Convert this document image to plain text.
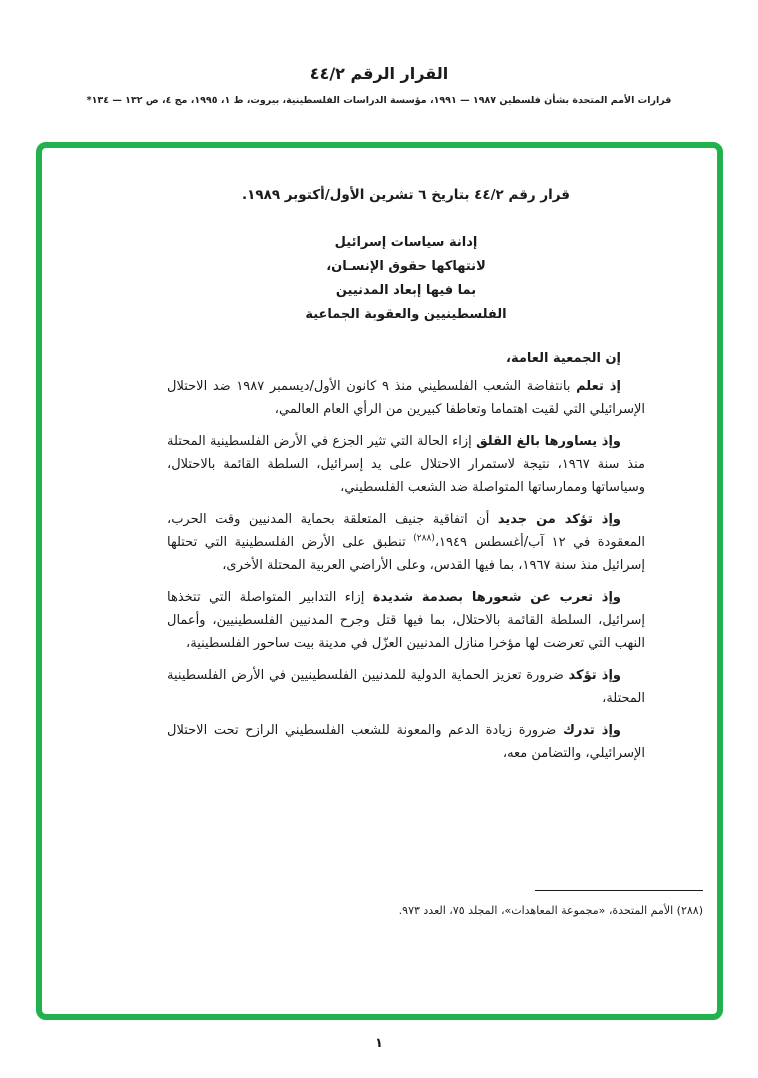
القرار الرقم ٤٤/٢
قرارات الأمم المتحدة بشأن فلسطين ١٩٨٧ — ١٩٩١، مؤسسة الدراسات الفلسطينية، بيروت، ط ١، ١٩٩٥، مج ٤، ص ١٣٢ — ١٣٤*
قرار رقم ٤٤/٢ بتاريخ ٦ تشرين الأول/أكتوبر ١٩٨٩.
إدانة سياسات إسرائيل
لانتهاكها حقوق الإنسـان،
بما فيها إبعاد المدنيين
الفلسطينيين والعقوبة الجماعية

إن الجمعية العامة،

إذ تعلم بانتفاضة الشعب الفلسطيني منذ ٩ كانون الأول/ديسمبر ١٩٨٧ ضد الاحتلال الإسرائيلي التي لقيت اهتماما وتعاطفا كبيرين من الرأي العام العالمي،

وإذ يساورها بالغ القلق إزاء الحالة التي تثير الجزع في الأرض الفلسطينية المحتلة منذ سنة ١٩٦٧، نتيجة لاستمرار الاحتلال على يد إسرائيل، السلطة القائمة بالاحتلال، وسياساتها وممارساتها المتواصلة ضد الشعب الفلسطيني،

وإذ تؤكد من جديد أن اتفاقية جنيف المتعلقة بحماية المدنيين وقت الحرب، المعقودة في ١٢ آب/أغسطس ١٩٤٩،$^{(٢٨٨)}$ تنطبق على الأرض الفلسطينية التي تحتلها إسرائيل منذ سنة ١٩٦٧، بما فيها القدس، وعلى الأراضي العربية المحتلة الأخرى،

وإذ تعرب عن شعورها بصدمة شديدة إزاء التدابير المتواصلة التي تتخذها إسرائيل، السلطة القائمة بالاحتلال، بما فيها قتل وجرح المدنيين الفلسطينيين، وأعمال النهب التي تعرضت لها مؤخرا منازل المدنيين العزّل في مدينة بيت ساحور الفلسطينية،

وإذ تؤكد ضرورة تعزيز الحماية الدولية للمدنيين الفلسطينيين في الأرض الفلسطينية المحتلة،

وإذ تدرك ضرورة زيادة الدعم والمعونة للشعب الفلسطيني الرازح تحت الاحتلال الإسرائيلي، والتضامن معه،

(٢٨٨) الأمم المتحدة، «مجموعة المعاهدات»، المجلد ٧٥، العدد ٩٧٣.
١
